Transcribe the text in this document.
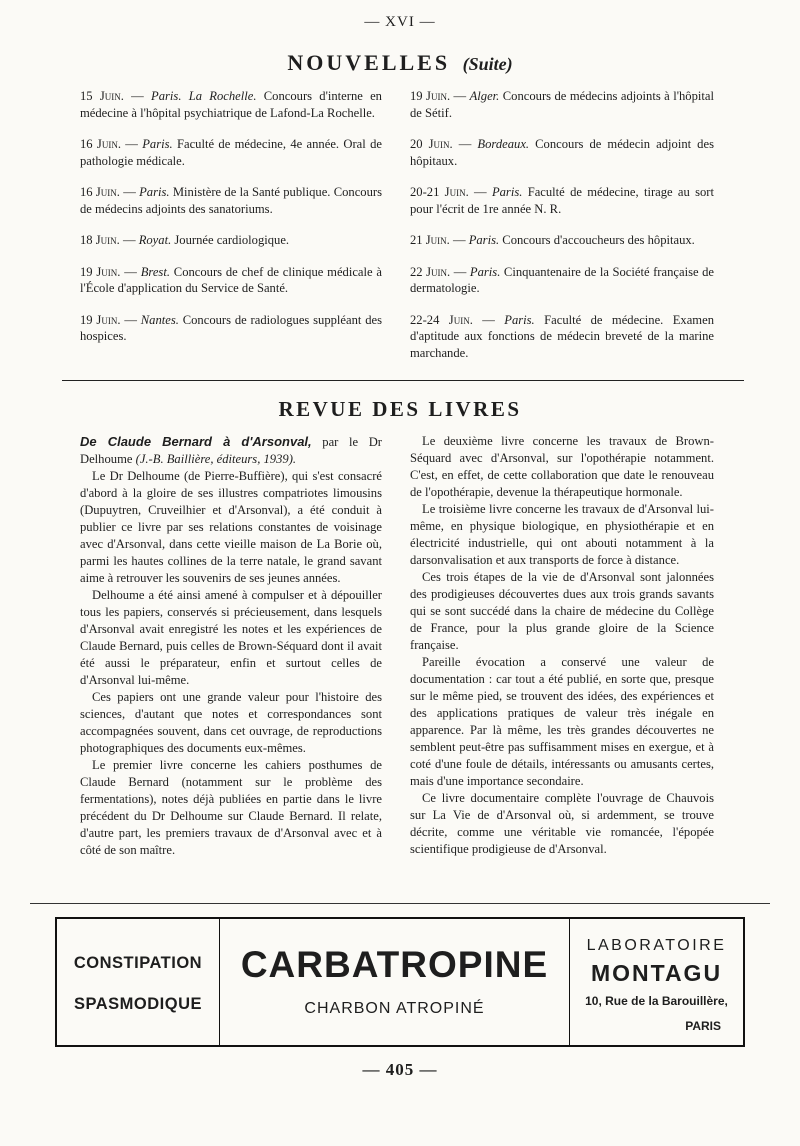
— XVI —
NOUVELLES (Suite)
15 Juin. — Paris. La Rochelle. Concours d'interne en médecine à l'hôpital psychiatrique de Lafond-La Rochelle.
16 Juin. — Paris. Faculté de médecine, 4e année. Oral de pathologie médicale.
16 Juin. — Paris. Ministère de la Santé publique. Concours de médecins adjoints des sanatoriums.
18 Juin. — Royat. Journée cardiologique.
19 Juin. — Brest. Concours de chef de clinique médicale à l'École d'application du Service de Santé.
19 Juin. — Nantes. Concours de radiologues suppléant des hospices.
19 Juin. — Alger. Concours de médecins adjoints à l'hôpital de Sétif.
20 Juin. — Bordeaux. Concours de médecin adjoint des hôpitaux.
20-21 Juin. — Paris. Faculté de médecine, tirage au sort pour l'écrit de 1re année N. R.
21 Juin. — Paris. Concours d'accoucheurs des hôpitaux.
22 Juin. — Paris. Cinquantenaire de la Société française de dermatologie.
22-24 Juin. — Paris. Faculté de médecine. Examen d'aptitude aux fonctions de médecin breveté de la marine marchande.
REVUE DES LIVRES
De Claude Bernard à d'Arsonval, par le Dr Delhoume (J.-B. Baillière, éditeurs, 1939).

Le Dr Delhoume (de Pierre-Buffière), qui s'est consacré d'abord à la gloire de ses illustres compatriotes limousins (Dupuytren, Cruveilhier et d'Arsonval), a été conduit à publier ce livre par ses relations constantes de voisinage avec d'Arsonval, dans cette vieille maison de La Borie où, parmi les hautes collines de la terre natale, le grand savant aime à retrouver les souvenirs de ses jeunes années.

Delhoume a été ainsi amené à compulser et à dépouiller tous les papiers, conservés si précieusement, dans lesquels d'Arsonval avait enregistré les notes et les expériences de Claude Bernard, puis celles de Brown-Séquard dont il avait été aussi le préparateur, enfin et surtout celles de d'Arsonval lui-même.

Ces papiers ont une grande valeur pour l'histoire des sciences, d'autant que notes et correspondances sont accompagnées souvent, dans cet ouvrage, de reproductions photographiques des documents eux-mêmes.

Le premier livre concerne les cahiers posthumes de Claude Bernard (notamment sur le problème des fermentations), notes déjà publiées en partie dans le livre précédent du Dr Delhoume sur Claude Bernard. Il relate, d'autre part, les premiers travaux de d'Arsonval avec et à côté de son maître.

Le deuxième livre concerne les travaux de Brown-Séquard avec d'Arsonval, sur l'opothérapie notamment. C'est, en effet, de cette collaboration que date le renouveau de l'opothérapie, devenue la thérapeutique hormonale.

Le troisième livre concerne les travaux de d'Arsonval lui-même, en physique biologique, en physiothérapie et en électricité industrielle, qui ont abouti notamment à la darsonvalisation et aux transports de force à distance.

Ces trois étapes de la vie de d'Arsonval sont jalonnées des prodigieuses découvertes dues aux trois grands savants qui se sont succédé dans la chaire de médecine du Collège de France, pour la plus grande gloire de la Science française.

Pareille évocation a conservé une valeur de documentation : car tout a été publié, en sorte que, presque sur le même pied, se trouvent des idées, des expériences et des applications pratiques de valeur très inégale en apparence. Par là même, les très grandes découvertes ne semblent peut-être pas suffisamment mises en exergue, et à coté d'une foule de détails, intéressants ou amusants certes, mais d'une importance secondaire.

Ce livre documentaire complète l'ouvrage de Chauvois sur La Vie de d'Arsonval où, si ardemment, se trouve décrite, comme une véritable vie romancée, l'épopée scientifique prodigieuse de d'Arsonval.

CONSTIPATION
SPASMODIQUE
CARBATROPINE
CHARBON ATROPINÉ
LABORATOIRE
MONTAGU
10, Rue de la Barouillère,
PARIS
— 405 —
